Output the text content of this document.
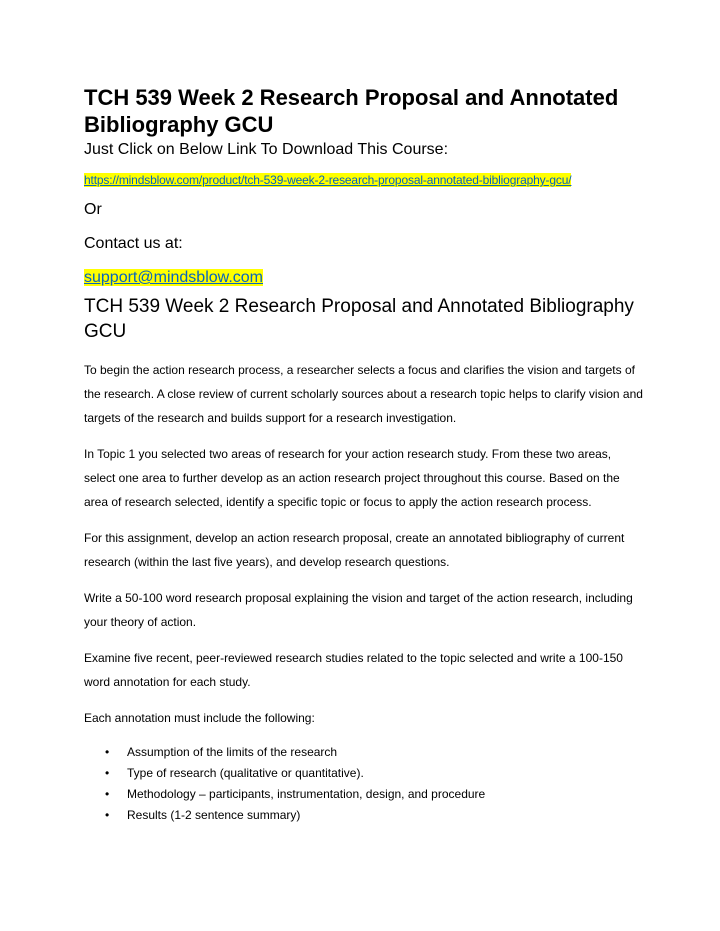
TCH 539 Week 2 Research Proposal and Annotated Bibliography GCU

Just Click on Below Link To Download This Course:

https://mindsblow.com/product/tch-539-week-2-research-proposal-annotated-bibliography-gcu/

Or

Contact us at:

support@mindsblow.com

TCH 539 Week 2 Research Proposal and Annotated Bibliography GCU

To begin the action research process, a researcher selects a focus and clarifies the vision and targets of the research. A close review of current scholarly sources about a research topic helps to clarify vision and targets of the research and builds support for a research investigation.

In Topic 1 you selected two areas of research for your action research study. From these two areas, select one area to further develop as an action research project throughout this course. Based on the area of research selected, identify a specific topic or focus to apply the action research process.

For this assignment, develop an action research proposal, create an annotated bibliography of current research (within the last five years), and develop research questions.

Write a 50-100 word research proposal explaining the vision and target of the action research, including your theory of action.

Examine five recent, peer-reviewed research studies related to the topic selected and write a 100-150 word annotation for each study.

Each annotation must include the following:

• Assumption of the limits of the research
• Type of research (qualitative or quantitative).
• Methodology – participants, instrumentation, design, and procedure
• Results (1-2 sentence summary)
